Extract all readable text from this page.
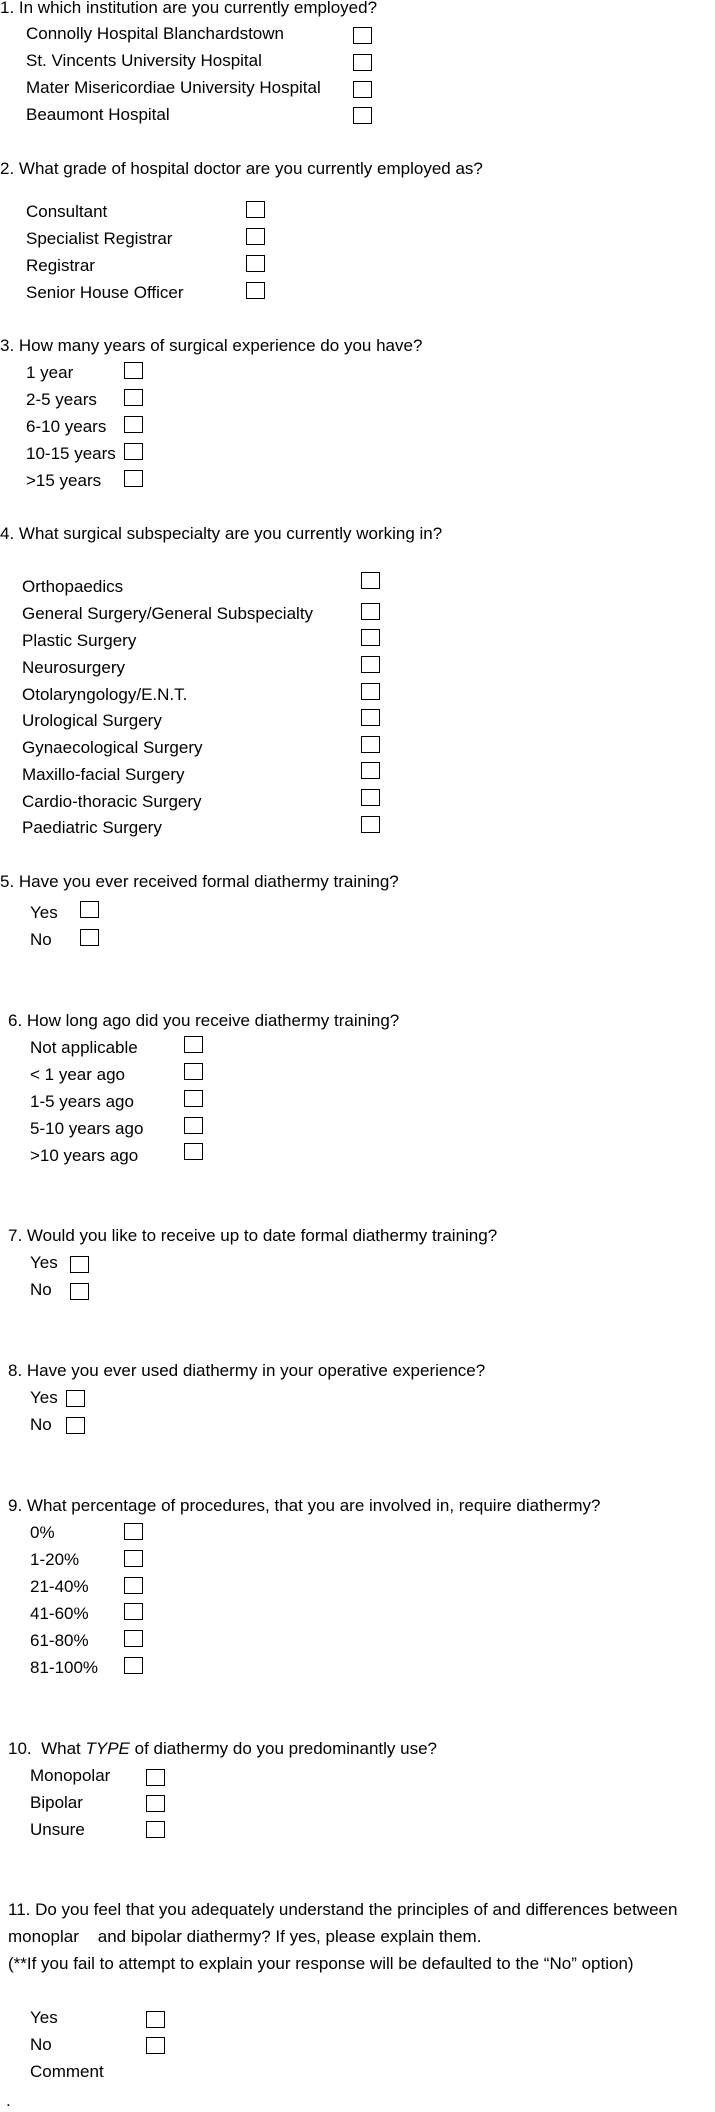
1. In which institution are you currently employed?
Connolly Hospital Blanchardstown
St. Vincents University Hospital
Mater Misericordiae University Hospital
Beaumont Hospital
2. What grade of hospital doctor are you currently employed as?
Consultant
Specialist Registrar
Registrar
Senior House Officer
3. How many years of surgical experience do you have?
1 year
2-5 years
6-10 years
10-15 years
>15 years
4. What surgical subspecialty are you currently working in?
Orthopaedics
General Surgery/General Subspecialty
Plastic Surgery
Neurosurgery
Otolaryngology/E.N.T.
Urological Surgery
Gynaecological Surgery
Maxillo-facial Surgery
Cardio-thoracic Surgery
Paediatric Surgery
5. Have you ever received formal diathermy training?
Yes
No
6. How long ago did you receive diathermy training?
Not applicable
< 1 year ago
1-5 years ago
5-10 years ago
>10 years ago
7. Would you like to receive up to date formal diathermy training?
Yes
No
8. Have you ever used diathermy in your operative experience?
Yes
No
9. What percentage of procedures, that you are involved in, require diathermy?
0%
1-20%
21-40%
41-60%
61-80%
81-100%
10.  What TYPE of diathermy do you predominantly use?
Monopolar
Bipolar
Unsure
11. Do you feel that you adequately understand the principles of and differences between
monoplar    and bipolar diathermy? If yes, please explain them.
(**If you fail to attempt to explain your response will be defaulted to the “No” option)
Yes
No
Comment
.
